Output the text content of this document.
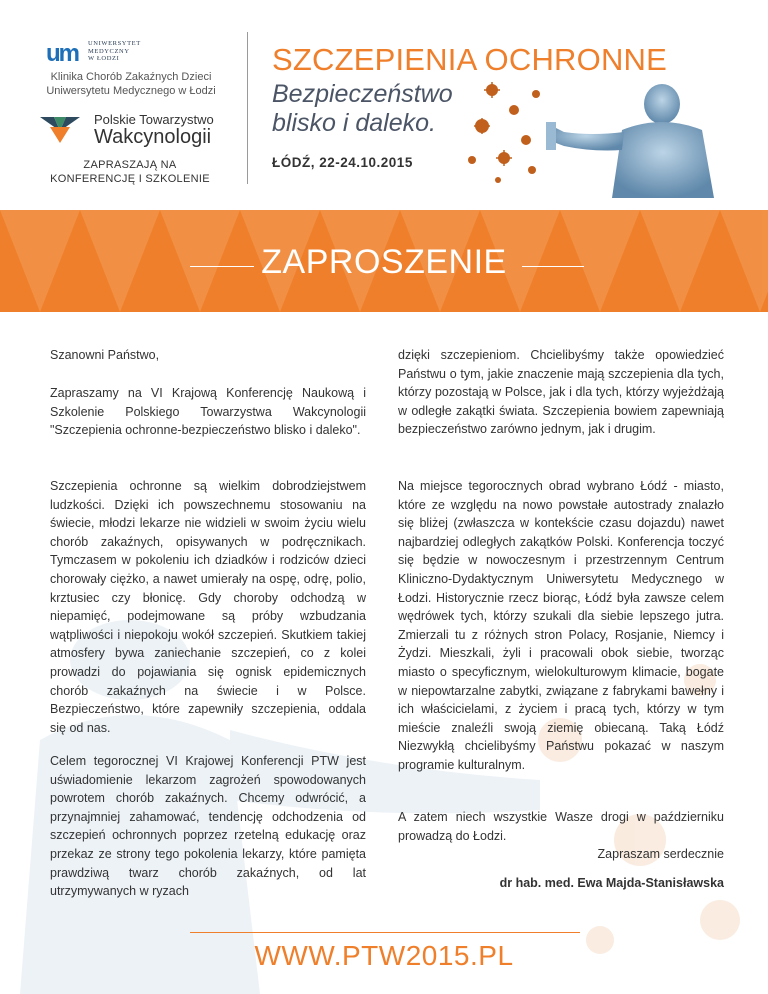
um UNIWERSYTET
MEDYCZNY
W ŁODZI
Klinika Chorób Zakaźnych Dzieci
Uniwersytetu Medycznego w Łodzi
Polskie Towarzystwo
Wakcynologii
ZAPRASZAJĄ NA
KONFERENCJĘ I SZKOLENIE
SZCZEPIENIA OCHRONNE
Bezpieczeństwo
blisko i daleko.
ŁÓDŹ, 22-24.10.2015
ZAPROSZENIE

Szanowni Państwo,

Zapraszamy na VI Krajową Konferencję Naukową i Szkolenie Polskiego Towarzystwa Wakcynologii "Szczepienia ochronne-bezpieczeństwo blisko i daleko".

Szczepienia ochronne są wielkim dobrodziejstwem ludzkości. Dzięki ich powszechnemu stosowaniu na świecie, młodzi lekarze nie widzieli w swoim życiu wielu chorób zakaźnych, opisywanych w podręcznikach. Tymczasem w pokoleniu ich dziadków i rodziców dzieci chorowały ciężko, a nawet umierały na ospę, odrę, polio, krztusiec czy błonicę. Gdy choroby odchodzą w niepamięć, podejmowane są próby wzbudzania wątpliwości i niepokoju wokół szczepień. Skutkiem takiej atmosfery bywa zaniechanie szczepień, co z kolei prowadzi do pojawiania się ognisk epidemicznych chorób zakaźnych na świecie i w Polsce. Bezpieczeństwo, które zapewniły szczepienia, oddala się od nas.

Celem tegorocznej VI Krajowej Konferencji PTW jest uświadomienie lekarzom zagrożeń spowodowanych powrotem chorób zakaźnych. Chcemy odwrócić, a przynajmniej zahamować, tendencję odchodzenia od szczepień ochronnych poprzez rzetelną edukację oraz przekaz ze strony tego pokolenia lekarzy, które pamięta prawdziwą twarz chorób zakaźnych, od lat utrzymywanych w ryzach

dzięki szczepieniom. Chcielibyśmy także opowiedzieć Państwu o tym, jakie znaczenie mają szczepienia dla tych, którzy pozostają w Polsce, jak i dla tych, którzy wyjeżdżają w odległe zakątki świata. Szczepienia bowiem zapewniają bezpieczeństwo zarówno jednym, jak i drugim.

Na miejsce tegorocznych obrad wybrano Łódź - miasto, które ze względu na nowo powstałe autostrady znalazło się bliżej (zwłaszcza w kontekście czasu dojazdu) nawet najbardziej odległych zakątków Polski. Konferencja toczyć się będzie w nowoczesnym i przestrzennym Centrum Kliniczno-Dydaktycznym Uniwersytetu Medycznego w Łodzi. Historycznie rzecz biorąc, Łódź była zawsze celem wędrówek tych, którzy szukali dla siebie lepszego jutra. Zmierzali tu z różnych stron Polacy, Rosjanie, Niemcy i Żydzi. Mieszkali, żyli i pracowali obok siebie, tworząc miasto o specyficznym, wielokulturowym klimacie, bogate w niepowtarzalne zabytki, związane z fabrykami bawełny i ich właścicielami, z życiem i pracą tych, którzy w tym mieście znaleźli swoją ziemię obiecaną. Taką Łódź Niezwykłą chcielibyśmy Państwu pokazać w naszym programie kulturalnym.

A zatem niech wszystkie Wasze drogi w październiku prowadzą do Łodzi.

Zapraszam serdecznie

dr hab. med. Ewa Majda-Stanisławska
WWW.PTW2015.PL
